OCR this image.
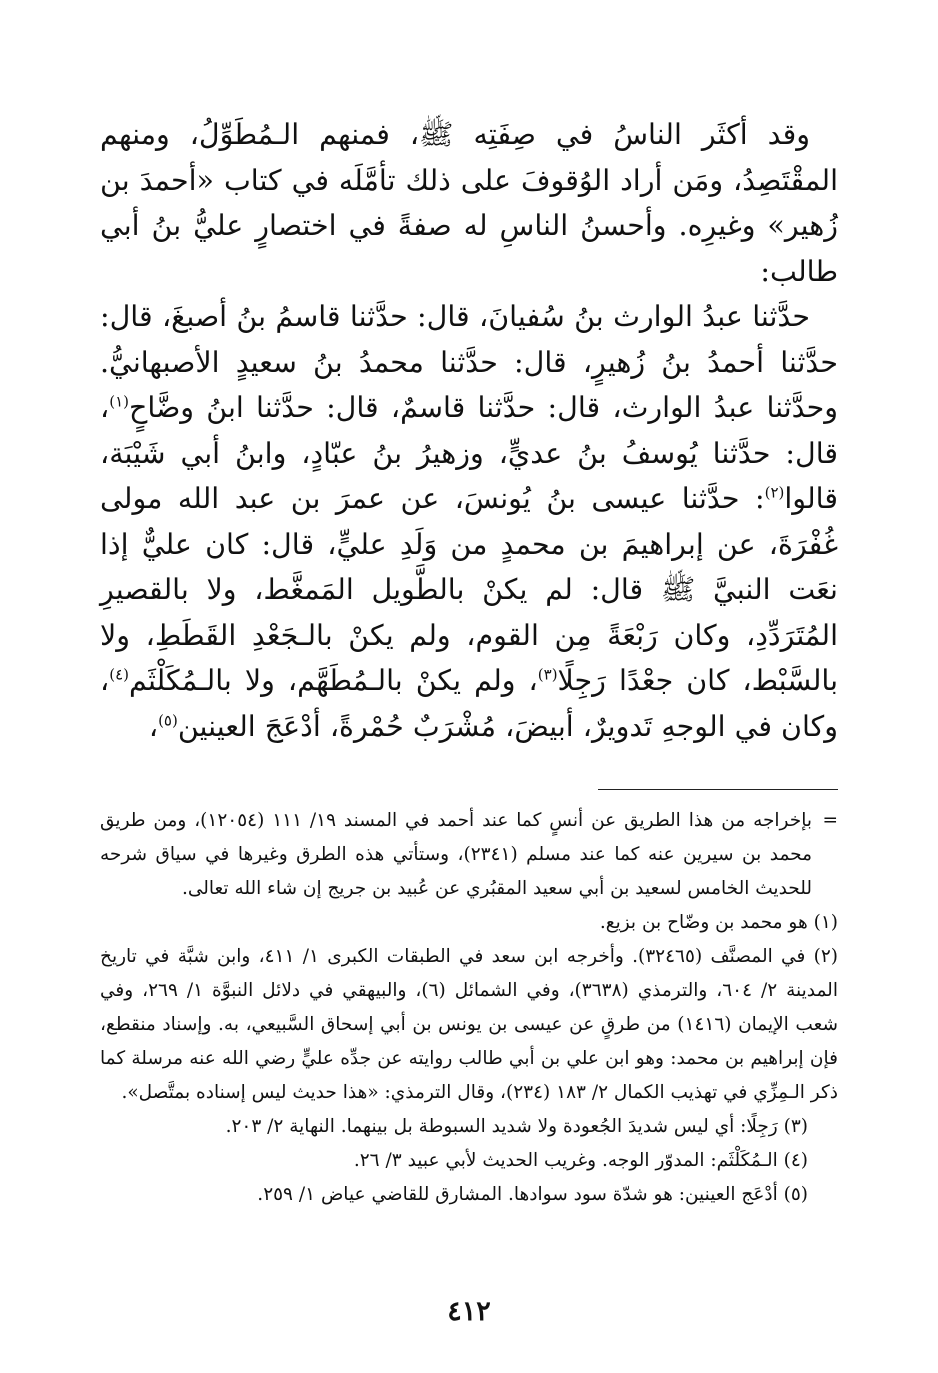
وقد أكثَر الناسُ في صِفَتِه ﷺ، فمنهم الـمُطَوِّلُ، ومنهم المقْتَصِدُ، ومَن أراد الوُقوفَ على ذلك تأمَّلَه في كتاب «أحمدَ بن زُهير» وغيرِه. وأحسنُ الناسِ له صفةً في اختصارٍ عليُّ بنُ أبي طالب:

حدَّثنا عبدُ الوارث بنُ سُفيانَ، قال: حدَّثنا قاسمُ بنُ أصبغَ، قال: حدَّثنا أحمدُ بنُ زُهيرٍ، قال: حدَّثنا محمدُ بنُ سعيدٍ الأصبهانيُّ. وحدَّثنا عبدُ الوارث، قال: حدَّثنا قاسمٌ، قال: حدَّثنا ابنُ وضَّاحٍ$^{(١)}$، قال: حدَّثنا يُوسفُ بنُ عديٍّ، وزهيرُ بنُ عبّادٍ، وابنُ أبي شَيْبَة، قالوا$^{(٢)}$: حدَّثنا عيسى بنُ يُونسَ، عن عمرَ بن عبد الله مولى غُفْرَةَ، عن إبراهيمَ بن محمدٍ من وَلَدِ عليٍّ، قال: كان عليٌّ إذا نعَت النبيَّ ﷺ قال: لم يكنْ بالطَّويل المَمغَّط، ولا بالقصيرِ المُتَرَدِّدِ، وكان رَبْعَةً مِن القوم، ولم يكنْ بالـجَعْدِ القَطَطِ، ولا بالسَّبْط، كان جعْدًا رَجِلًا$^{(٣)}$، ولم يكنْ بالـمُطَهَّم، ولا بالـمُكَلْثَم$^{(٤)}$، وكان في الوجهِ تَدويرٌ، أبيضَ، مُشْرَبٌ حُمْرةً، أدْعَجَ العينين$^{(٥)}$،

=
بإخراجه من هذا الطريق عن أنسٍ كما عند أحمد في المسند ١٩/ ١١١ (١٢٠٥٤)، ومن طريق محمد بن سيرين عنه كما عند مسلم (٢٣٤١)، وستأتي هذه الطرق وغيرها في سياق شرحه للحديث الخامس لسعيد بن أبي سعيد المقبُري عن عُبيد بن جريج إن شاء الله تعالى.
(١) هو محمد بن وضّاح بن بزيع.
(٢) في المصنَّف (٣٢٤٦٥). وأخرجه ابن سعد في الطبقات الكبرى ١/ ٤١١، وابن شبَّة في تاريخ المدينة ٢/ ٦٠٤، والترمذي (٣٦٣٨)، وفي الشمائل (٦)، والبيهقي في دلائل النبوَّة ١/ ٢٦٩، وفي شعب الإيمان (١٤١٦) من طرقٍ عن عيسى بن يونس بن أبي إسحاق السَّبيعي، به. وإسناد منقطع، فإن إبراهيم بن محمد: وهو ابن علي بن أبي طالب روايته عن جدِّه عليٍّ رضي الله عنه مرسلة كما ذكر الـمِزِّي في تهذيب الكمال ٢/ ١٨٣ (٢٣٤)، وقال الترمذي: «هذا حديث ليس إسناده بمتَّصل».
(٣) رَجِلًا: أي ليس شديدَ الجُعودة ولا شديد السبوطة بل بينهما. النهاية ٢/ ٢٠٣.
(٤) الـمُكَلْثَم: المدوّر الوجه. وغريب الحديث لأبي عبيد ٣/ ٢٦.
(٥) أدْعَج العينين: هو شدّة سود سوادها. المشارق للقاضي عياض ١/ ٢٥٩.
٤١٢
